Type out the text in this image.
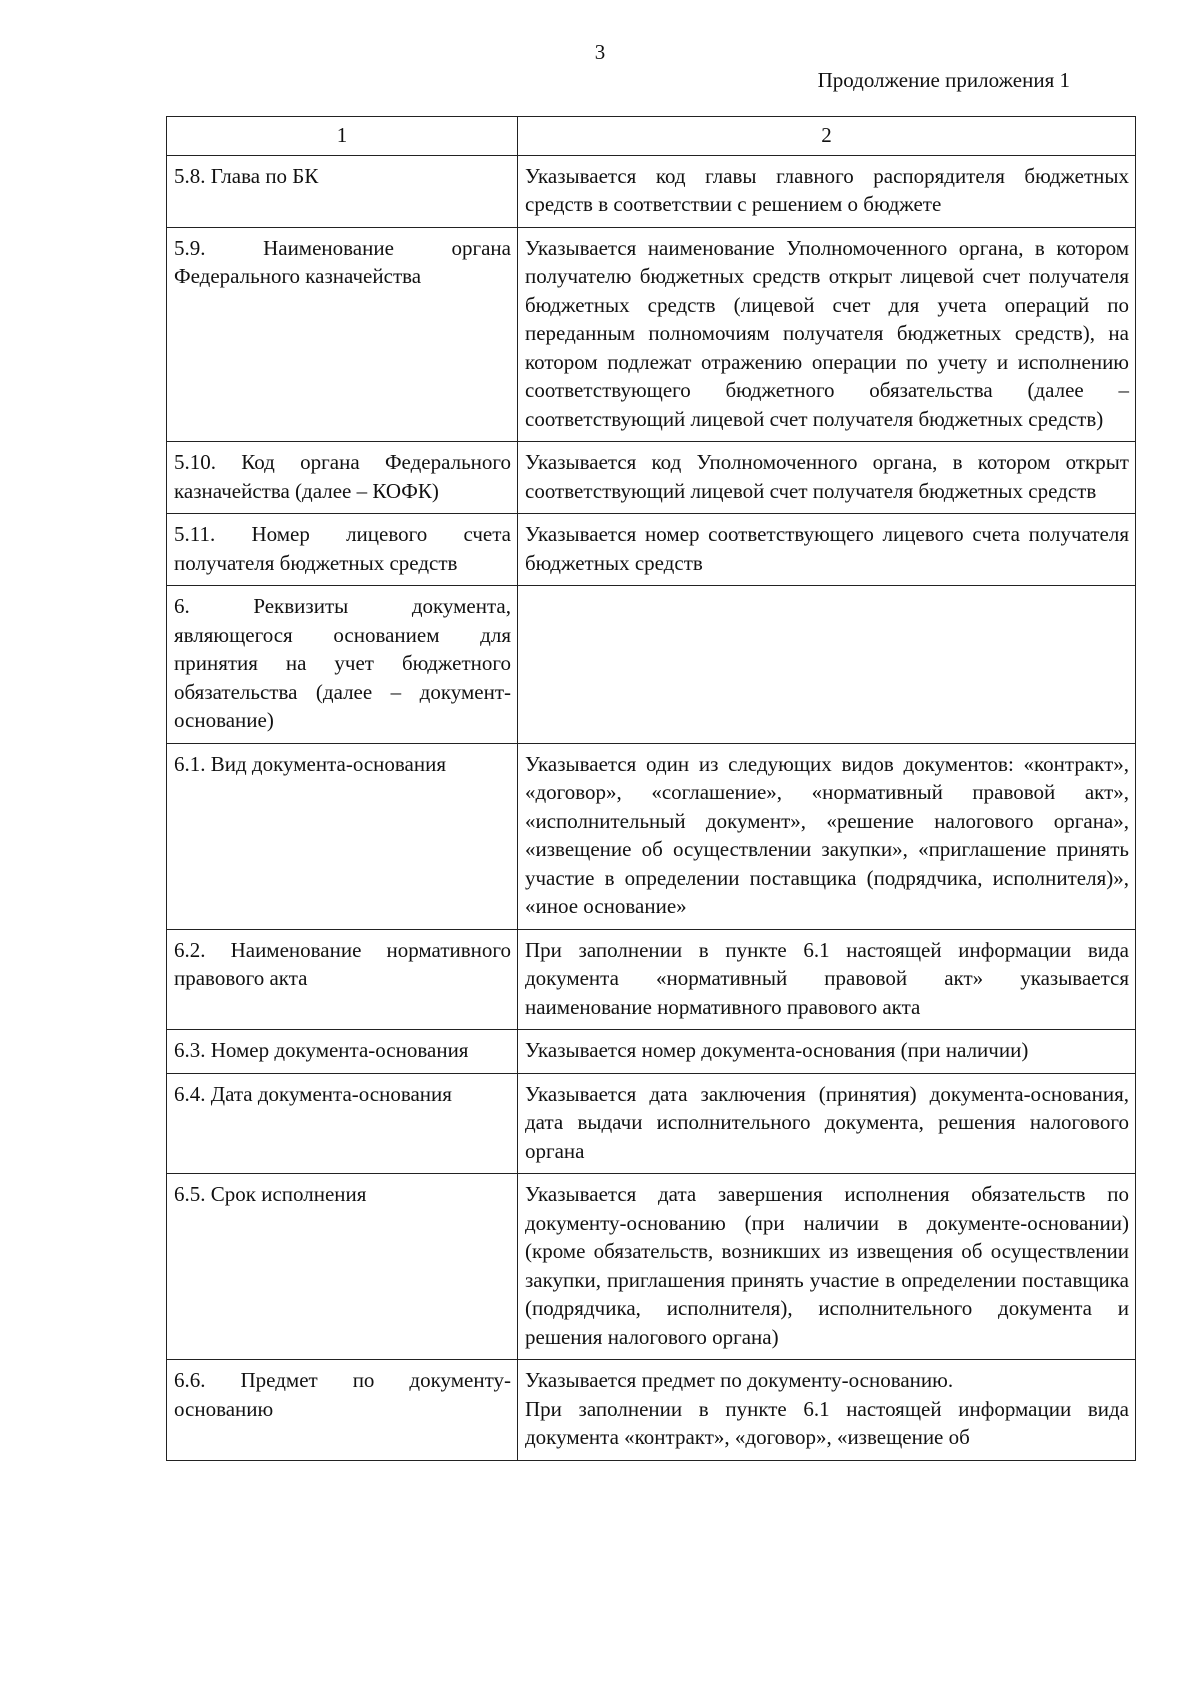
3
Продолжение приложения 1
1	2
5.8. Глава по БК	Указывается код главы главного распорядителя бюджетных средств в соответствии с решением о бюджете

5.9. Наименование органа Федерального казначейства	Указывается наименование Уполномоченного органа, в котором получателю бюджетных средств открыт лицевой счет получателя бюджетных средств (лицевой счет для учета операций по переданным полномочиям получателя бюджетных средств), на котором подлежат отражению операции по учету и исполнению соответствующего бюджетного обязательства (далее – соответствующий лицевой счет получателя бюджетных средств)

5.10. Код органа Федерального казначейства (далее – КОФК)	Указывается код Уполномоченного органа, в котором открыт соответствующий лицевой счет получателя бюджетных средств

5.11. Номер лицевого счета получателя бюджетных средств	Указывается номер соответствующего лицевого счета получателя бюджетных средств

6. Реквизиты документа, являющегося основанием для принятия на учет бюджетного обязательства (далее – документ-основание)	

6.1. Вид документа-основания	Указывается один из следующих видов документов: «контракт», «договор», «соглашение», «нормативный правовой акт», «исполнительный документ», «решение налогового органа», «извещение об осуществлении закупки», «приглашение принять участие в определении поставщика (подрядчика, исполнителя)», «иное основание»

6.2. Наименование нормативного правового акта	При заполнении в пункте 6.1 настоящей информации вида документа «нормативный правовой акт» указывается наименование нормативного правового акта

6.3. Номер документа-основания	Указывается номер документа-основания (при наличии)

6.4. Дата документа-основания	Указывается дата заключения (принятия) документа-основания, дата выдачи исполнительного документа, решения налогового органа

6.5. Срок исполнения	Указывается дата завершения исполнения обязательств по документу-основанию (при наличии в документе-основании) (кроме обязательств, возникших из извещения об осуществлении закупки, приглашения принять участие в определении поставщика (подрядчика, исполнителя), исполнительного документа и решения налогового органа)

6.6. Предмет по документу-основанию	Указывается предмет по документу-основанию.
При заполнении в пункте 6.1 настоящей информации вида документа «контракт», «договор», «извещение об
